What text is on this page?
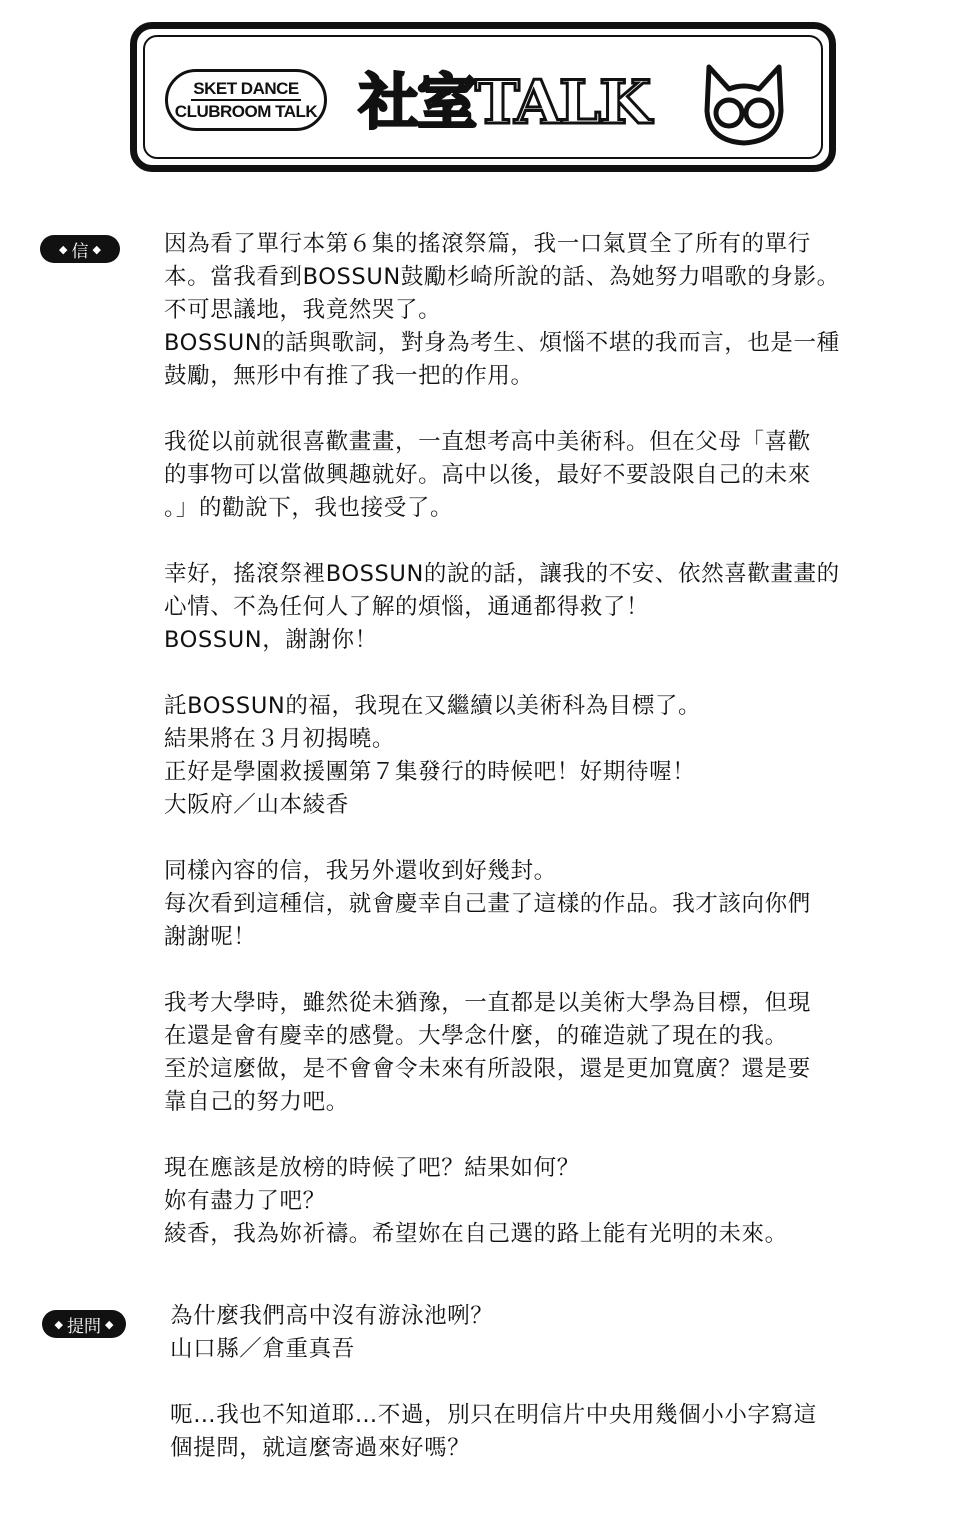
SKET DANCE
CLUBROOM TALK 社室TALK
◆ 信 ◆	因為看了單行本第６集的搖滾祭篇，我一口氣買全了所有的單行
本。當我看到BOSSUN鼓勵杉崎所說的話、為她努力唱歌的身影。
不可思議地，我竟然哭了。
BOSSUN的話與歌詞，對身為考生、煩惱不堪的我而言，也是一種
鼓勵，無形中有推了我一把的作用。
我從以前就很喜歡畫畫，一直想考高中美術科。但在父母「喜歡
的事物可以當做興趣就好。高中以後，最好不要設限自己的未來
。」的勸說下，我也接受了。
幸好，搖滾祭裡BOSSUN的說的話，讓我的不安、依然喜歡畫畫的
心情、不為任何人了解的煩惱，通通都得救了！
BOSSUN，謝謝你！
託BOSSUN的福，我現在又繼續以美術科為目標了。
結果將在３月初揭曉。
正好是學園救援團第７集發行的時候吧！好期待喔！
大阪府／山本綾香
同樣內容的信，我另外還收到好幾封。
每次看到這種信，就會慶幸自己畫了這樣的作品。我才該向你們
謝謝呢！
我考大學時，雖然從未猶豫，一直都是以美術大學為目標，但現
在還是會有慶幸的感覺。大學念什麼，的確造就了現在的我。
至於這麼做，是不會會令未來有所設限，還是更加寬廣？還是要
靠自己的努力吧。
現在應該是放榜的時候了吧？結果如何？
妳有盡力了吧？
綾香，我為妳祈禱。希望妳在自己選的路上能有光明的未來。
◆ 提問 ◆	為什麼我們高中沒有游泳池咧？
山口縣／倉重真吾
呃…我也不知道耶…不過，別只在明信片中央用幾個小小字寫這
個提問，就這麼寄過來好嗎？
